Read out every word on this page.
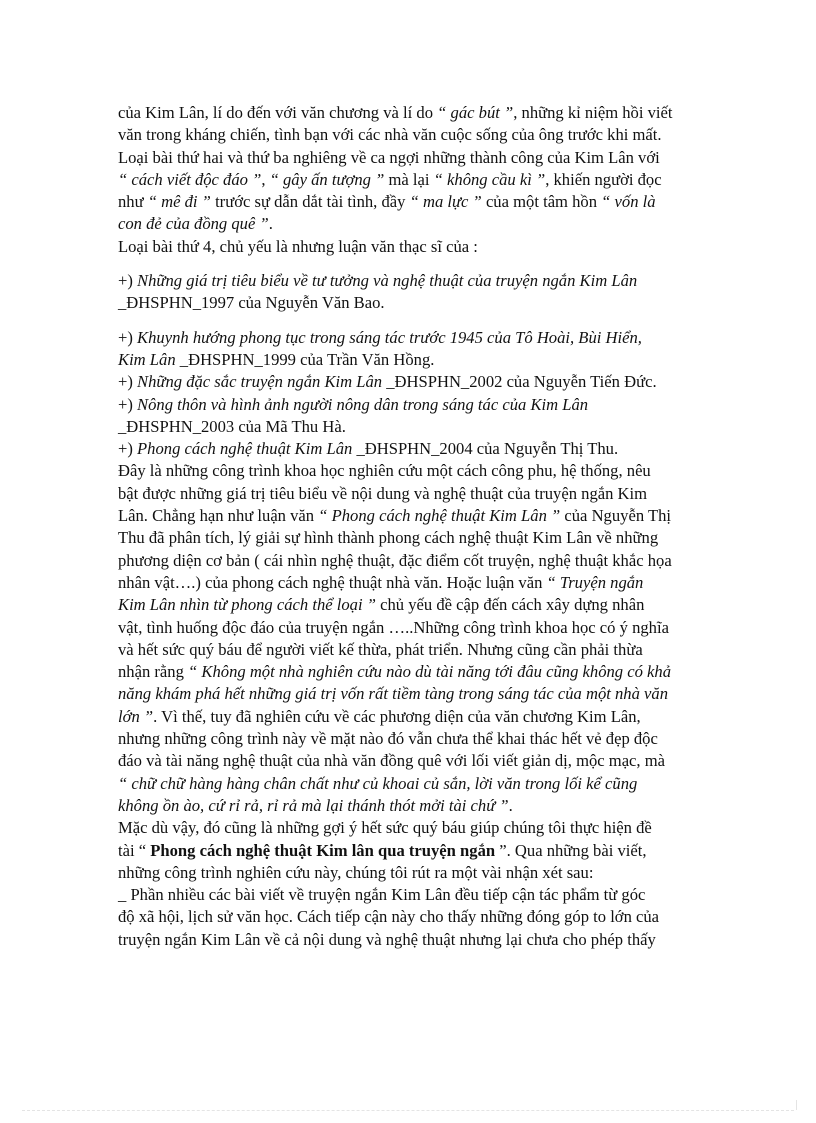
của Kim Lân, lí do đến với văn chương và lí do “ gác bút ”, những kỉ niệm hồi viết
văn trong kháng chiến, tình bạn với các nhà văn cuộc sống của ông trước khi mất.
Loại bài thứ hai và thứ ba nghiêng về ca ngợi những thành công của Kim Lân với
“ cách viết độc đáo ”, “ gây ấn tượng ” mà lại “ không cầu kì ”, khiến người đọc
như “ mê đi ” trước sự dẫn dắt tài tình, đầy “ ma lực ” của một tâm hồn “ vốn là
con đẻ của đồng quê ”.
Loại bài thứ 4, chủ yếu là nhưng luận văn thạc sĩ của :
+) Những giá trị tiêu biểu về tư tưởng và nghệ thuật của truyện ngắn Kim Lân
_ĐHSPHN_1997 của Nguyễn Văn Bao.
+) Khuynh hướng phong tục trong sáng tác trước 1945 của Tô Hoài, Bùi Hiển,
Kim Lân _ĐHSPHN_1999 của Trần Văn Hồng.
+) Những đặc sắc truyện ngắn Kim Lân _ĐHSPHN_2002 của Nguyễn Tiến Đức.
+) Nông thôn và hình ảnh người nông dân trong sáng tác của Kim Lân
_ĐHSPHN_2003 của Mã Thu Hà.
+) Phong cách nghệ thuật Kim Lân _ĐHSPHN_2004 của Nguyễn Thị Thu.
Đây là những công trình khoa học nghiên cứu một cách công phu, hệ thống, nêu
bật được những giá trị tiêu biểu về nội dung và nghệ thuật của truyện ngắn Kim
Lân. Chẳng hạn như luận văn “ Phong cách nghệ thuật Kim Lân ” của Nguyễn Thị
Thu đã phân tích, lý giải sự hình thành phong cách nghệ thuật Kim Lân về những
phương diện cơ bản ( cái nhìn nghệ thuật, đặc điểm cốt truyện, nghệ thuật khắc họa
nhân vật….) của phong cách nghệ thuật nhà văn. Hoặc luận văn “ Truyện ngắn
Kim Lân nhìn từ phong cách thể loại ” chủ yếu đề cập đến cách xây dựng nhân
vật, tình huống độc đáo của truyện ngắn …..Những công trình khoa học có ý nghĩa
và hết sức quý báu để người viết kế thừa, phát triển. Nhưng cũng cần phải thừa
nhận rằng “ Không một nhà nghiên cứu nào dù tài năng tới đâu cũng không có khả
năng khám phá hết những giá trị vốn rất tiềm tàng trong sáng tác của một nhà văn
lớn ”. Vì thế, tuy đã nghiên cứu về các phương diện của văn chương Kim Lân,
nhưng những công trình này về mặt nào đó vẫn chưa thể khai thác hết vẻ đẹp độc
đáo và tài năng nghệ thuật của nhà văn đồng quê với lối viết giản dị, mộc mạc, mà
“ chữ chữ hàng hàng chân chất như củ khoai củ sắn, lời văn trong lối kể cũng
không ồn ào, cứ rỉ rả, rỉ rả mà lại thánh thót mởi tài chứ ”.
Mặc dù vậy, đó cũng là những gợi ý hết sức quý báu giúp chúng tôi thực hiện đề
tài “ Phong cách nghệ thuật Kim lân qua truyện ngắn ”. Qua những bài viết,
những công trình nghiên cứu này, chúng tôi rút ra một vài nhận xét sau:
_ Phần nhiều các bài viết về truyện ngắn Kim Lân đều tiếp cận tác phẩm từ góc
độ xã hội, lịch sử văn học. Cách tiếp cận này cho thấy những đóng góp to lớn của
truyện ngắn Kim Lân về cả nội dung và nghệ thuật nhưng lại chưa cho phép thấy
